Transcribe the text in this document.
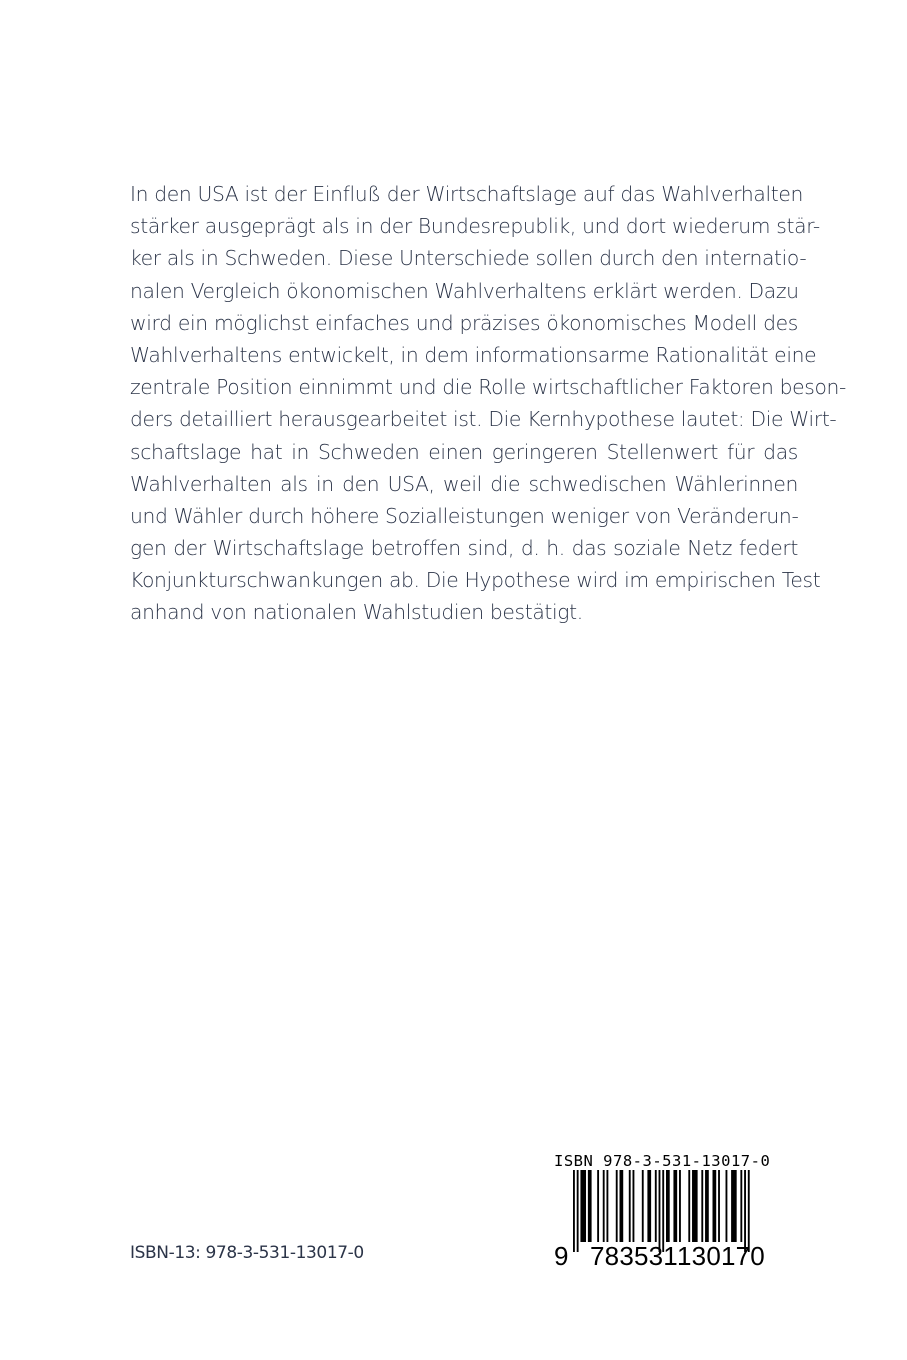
In den USA ist der Einfluß der Wirtschaftslage auf das Wahlverhalten
stärker ausgeprägt als in der Bundesrepublik, und dort wiederum stär-
ker als in Schweden. Diese Unterschiede sollen durch den internatio-
nalen Vergleich ökonomischen Wahlverhaltens erklärt werden. Dazu
wird ein möglichst einfaches und präzises ökonomisches Modell des
Wahlverhaltens entwickelt, in dem informationsarme Rationalität eine
zentrale Position einnimmt und die Rolle wirtschaftlicher Faktoren beson-
ders detailliert herausgearbeitet ist. Die Kernhypothese lautet: Die Wirt-
schaftslage hat in Schweden einen geringeren Stellenwert für das
Wahlverhalten als in den USA, weil die schwedischen Wählerinnen
und Wähler durch höhere Sozialleistungen weniger von Veränderun-
gen der Wirtschaftslage betroffen sind, d. h. das soziale Netz federt
Konjunkturschwankungen ab. Die Hypothese wird im empirischen Test
anhand von nationalen Wahlstudien bestätigt.
ISBN-13: 978-3-531-13017-0
ISBN 978-3-531-13017-0
9 783531 130170
